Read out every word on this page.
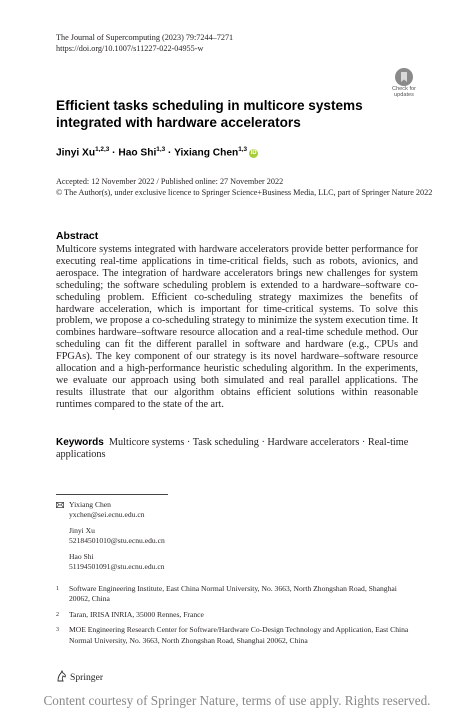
The Journal of Supercomputing (2023) 79:7244–7271
https://doi.org/10.1007/s11227-022-04955-w
Check for
updates
Efficient tasks scheduling in multicore systems integrated with hardware accelerators
Jinyi Xu$^{1,2,3}$ · Hao Shi$^{1,3}$ · Yixiang Chen$^{1,3}$iD
Accepted: 12 November 2022 / Published online: 27 November 2022
© The Author(s), under exclusive licence to Springer Science+Business Media, LLC, part of Springer Nature 2022
Abstract
Multicore systems integrated with hardware accelerators provide better performance for executing real-time applications in time-critical fields, such as robots, avionics, and aerospace. The integration of hardware accelerators brings new challenges for system scheduling; the software scheduling problem is extended to a hardware–software co-scheduling problem. Efficient co-scheduling strategy maximizes the benefits of hardware acceleration, which is important for time-critical systems. To solve this problem, we propose a co-scheduling strategy to minimize the system execution time. It combines hardware–software resource allocation and a real-time schedule method. Our scheduling can fit the different parallel in software and hardware (e.g., CPUs and FPGAs). The key component of our strategy is its novel hardware–software resource allocation and a high-performance heuristic scheduling algorithm. In the experiments, we evaluate our approach using both simulated and real parallel applications. The results illustrate that our algorithm obtains efficient solutions within reasonable runtimes compared to the state of the art.
Keywords Multicore systems · Task scheduling · Hardware accelerators · Real-time applications
Yixiang Chen
yxchen@sei.ecnu.edu.cn
Jinyi Xu
52184501010@stu.ecnu.edu.cn
Hao Shi
51194501091@stu.ecnu.edu.cn
1 Software Engineering Institute, East China Normal University, No. 3663, North Zhongshan Road, Shanghai 20062, China
2 Taran, IRISA INRIA, 35000 Rennes, France
3 MOE Engineering Research Center for Software/Hardware Co-Design Technology and Application, East China Normal University, No. 3663, North Zhongshan Road, Shanghai 20062, China
Springer
Content courtesy of Springer Nature, terms of use apply. Rights reserved.
